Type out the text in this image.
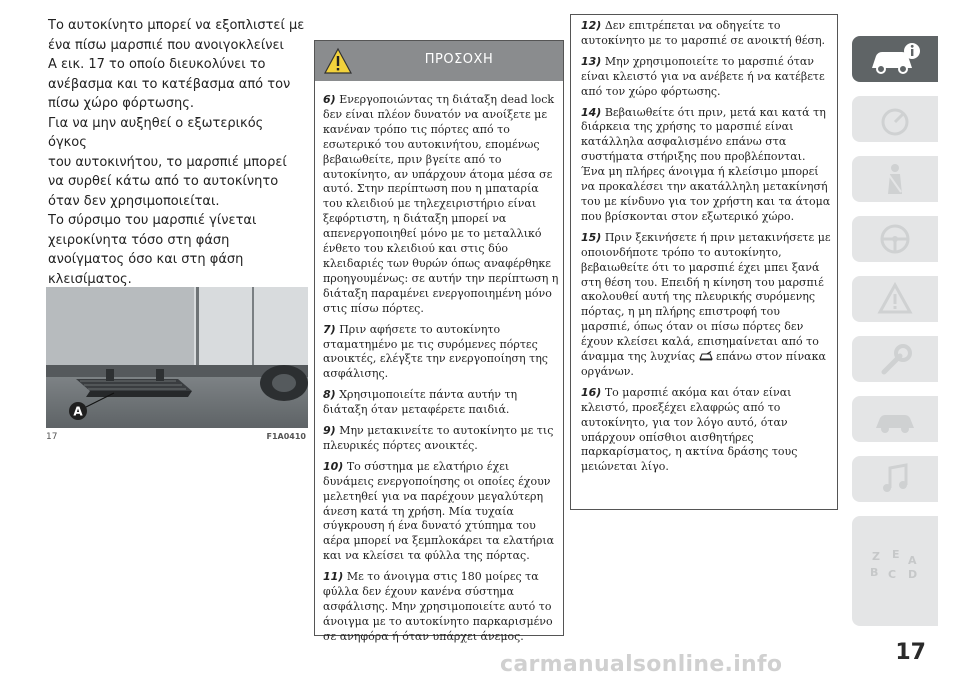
Το αυτοκίνητο μπορεί να εξοπλιστεί με

ένα πίσω μαρσπιέ που ανοιγοκλείνει

A εικ. 17 το οποίο διευκολύνει το

ανέβασμα και το κατέβασμα από τον

πίσω χώρο φόρτωσης.

Για να μην αυξηθεί ο εξωτερικός όγκος

του αυτοκινήτου, το μαρσπιέ μπορεί

να συρθεί κάτω από το αυτοκίνητο

όταν δεν χρησιμοποιείται.

Το σύρσιμο του μαρσπιέ γίνεται

χειροκίνητα τόσο στη φάση

ανοίγματος όσο και στη φάση

κλεισίματος.

A
17	F1A0410
ΠΡΟΣΟΧΗ

6) Ενεργοποιώντας τη διάταξη dead lock δεν είναι πλέον δυνατόν να ανοίξετε με κανέναν τρόπο τις πόρτες από το εσωτερικό του αυτοκινήτου, επομένως βεβαιωθείτε, πριν βγείτε από το αυτοκίνητο, αν υπάρχουν άτομα μέσα σε αυτό. Στην περίπτωση που η μπαταρία του κλειδιού με τηλεχειριστήριο είναι ξεφόρτιστη, η διάταξη μπορεί να απενεργοποιηθεί μόνο με το μεταλλικό ένθετο του κλειδιού και στις δύο κλειδαριές των θυρών όπως αναφέρθηκε προηγουμένως: σε αυτήν την περίπτωση η διάταξη παραμένει ενεργοποιημένη μόνο στις πίσω πόρτες.

7) Πριν αφήσετε το αυτοκίνητο σταματημένο με τις συρόμενες πόρτες ανοικτές, ελέγξτε την ενεργοποίηση της ασφάλισης.

8) Χρησιμοποιείτε πάντα αυτήν τη διάταξη όταν μεταφέρετε παιδιά.

9) Μην μετακινείτε το αυτοκίνητο με τις πλευρικές πόρτες ανοικτές.

10) Το σύστημα με ελατήριο έχει δυνάμεις ενεργοποίησης οι οποίες έχουν μελετηθεί για να παρέχουν μεγαλύτερη άνεση κατά τη χρήση. Μία τυχαία σύγκρουση ή ένα δυνατό χτύπημα του αέρα μπορεί να ξεμπλοκάρει τα ελατήρια και να κλείσει τα φύλλα της πόρτας.

11) Με το άνοιγμα στις 180 μοίρες τα φύλλα δεν έχουν κανένα σύστημα ασφάλισης. Μην χρησιμοποιείτε αυτό το άνοιγμα με το αυτοκίνητο παρκαρισμένο σε ανηφόρα ή όταν υπάρχει άνεμος.

12) Δεν επιτρέπεται να οδηγείτε το αυτοκίνητο με το μαρσπιέ σε ανοικτή θέση.

13) Μην χρησιμοποιείτε το μαρσπιέ όταν είναι κλειστό για να ανέβετε ή να κατέβετε από τον χώρο φόρτωσης.

14) Βεβαιωθείτε ότι πριν, μετά και κατά τη διάρκεια της χρήσης το μαρσπιέ είναι κατάλληλα ασφαλισμένο επάνω στα συστήματα στήριξης που προβλέπονται. Ένα μη πλήρες άνοιγμα ή κλείσιμο μπορεί να προκαλέσει την ακατάλληλη μετακίνησή του με κίνδυνο για τον χρήστη και τα άτομα που βρίσκονται στον εξωτερικό χώρο.

15) Πριν ξεκινήσετε ή πριν μετακινήσετε με οποιονδήποτε τρόπο το αυτοκίνητο, βεβαιωθείτε ότι το μαρσπιέ έχει μπει ξανά στη θέση του. Επειδή η κίνηση του μαρσπιέ ακολουθεί αυτή της πλευρικής συρόμενης πόρτας, η μη πλήρης επιστροφή του μαρσπιέ, όπως όταν οι πίσω πόρτες δεν έχουν κλείσει καλά, επισημαίνεται από το άναμμα της λυχνίας επάνω στον πίνακα οργάνων.

16) Το μαρσπιέ ακόμα και όταν είναι κλειστό, προεξέχει ελαφρώς από το αυτοκίνητο, για τον λόγο αυτό, όταν υπάρχουν οπίσθιοι αισθητήρες παρκαρίσματος, η ακτίνα δράσης τους μειώνεται λίγο.

Z E A
B C D
17
carmanualsonline.info
